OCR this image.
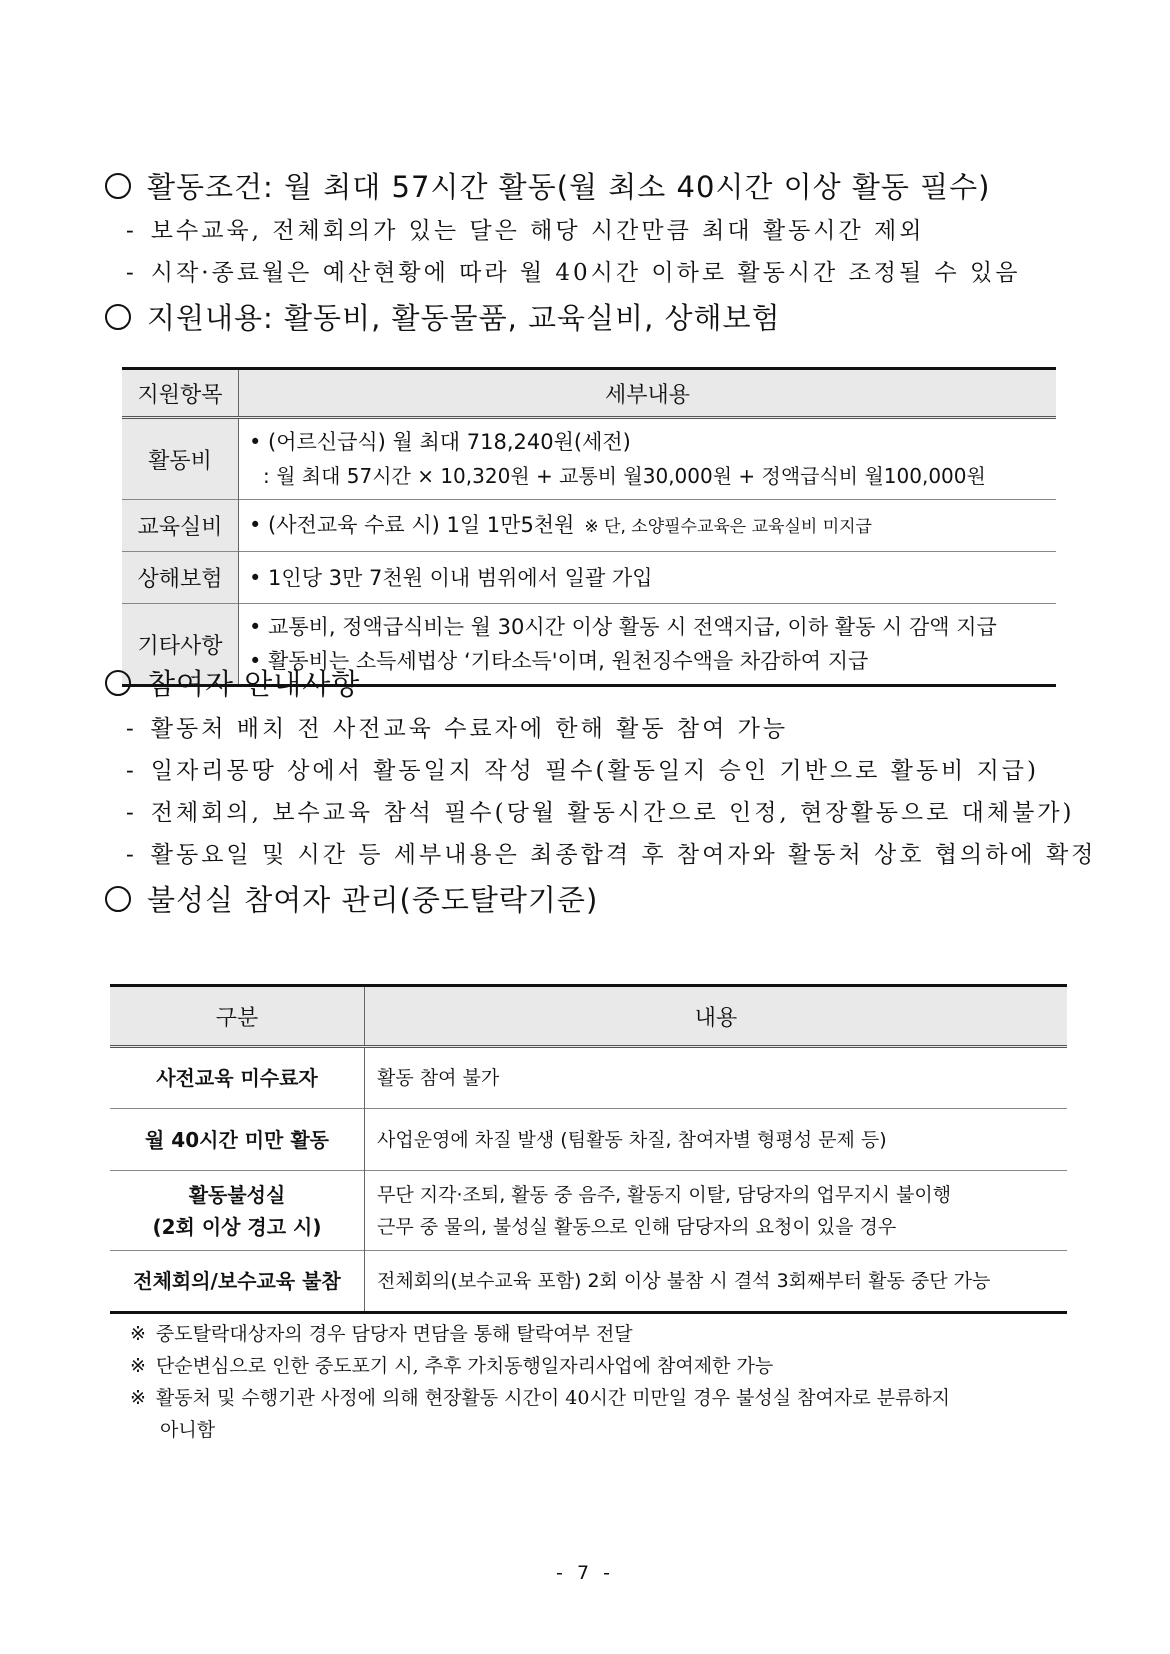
활동조건: 월 최대 57시간 활동(월 최소 40시간 이상 활동 필수)
- 보수교육, 전체회의가 있는 달은 해당 시간만큼 최대 활동시간 제외
- 시작·종료월은 예산현황에 따라 월 40시간 이하로 활동시간 조정될 수 있음
지원내용: 활동비, 활동물품, 교육실비, 상해보험
지원항목	세부내용
활동비	• (어르신급식) 월 최대 718,240원(세전)
: 월 최대 57시간 × 10,320원 + 교통비 월30,000원 + 정액급식비 월100,000원

교육실비	• (사전교육 수료 시) 1일 1만5천원 ※ 단, 소양필수교육은 교육실비 미지급

상해보험	• 1인당 3만 7천원 이내 범위에서 일괄 가입

기타사항	• 교통비, 정액급식비는 월 30시간 이상 활동 시 전액지급, 이하 활동 시 감액 지급
• 활동비는 소득세법상 ‘기타소득'이며, 원천징수액을 차감하여 지급
참여자 안내사항
- 활동처 배치 전 사전교육 수료자에 한해 활동 참여 가능
- 일자리몽땅 상에서 활동일지 작성 필수(활동일지 승인 기반으로 활동비 지급)
- 전체회의, 보수교육 참석 필수(당월 활동시간으로 인정, 현장활동으로 대체불가)
- 활동요일 및 시간 등 세부내용은 최종합격 후 참여자와 활동처 상호 협의하에 확정
불성실 참여자 관리(중도탈락기준)
구분	내용

사전교육 미수료자	활동 참여 불가

월 40시간 미만 활동	사업운영에 차질 발생 (팀활동 차질, 참여자별 형평성 문제 등)

활동불성실
(2회 이상 경고 시)	무단 지각·조퇴, 활동 중 음주, 활동지 이탈, 담당자의 업무지시 불이행
근무 중 물의, 불성실 활동으로 인해 담당자의 요청이 있을 경우

전체회의/보수교육 불참	전체회의(보수교육 포함) 2회 이상 불참 시 결석 3회째부터 활동 중단 가능
※ 중도탈락대상자의 경우 담당자 면담을 통해 탈락여부 전달
※ 단순변심으로 인한 중도포기 시, 추후 가치동행일자리사업에 참여제한 가능
※ 활동처 및 수행기관 사정에 의해 현장활동 시간이 40시간 미만일 경우 불성실 참여자로 분류하지
아니함
- 7 -
